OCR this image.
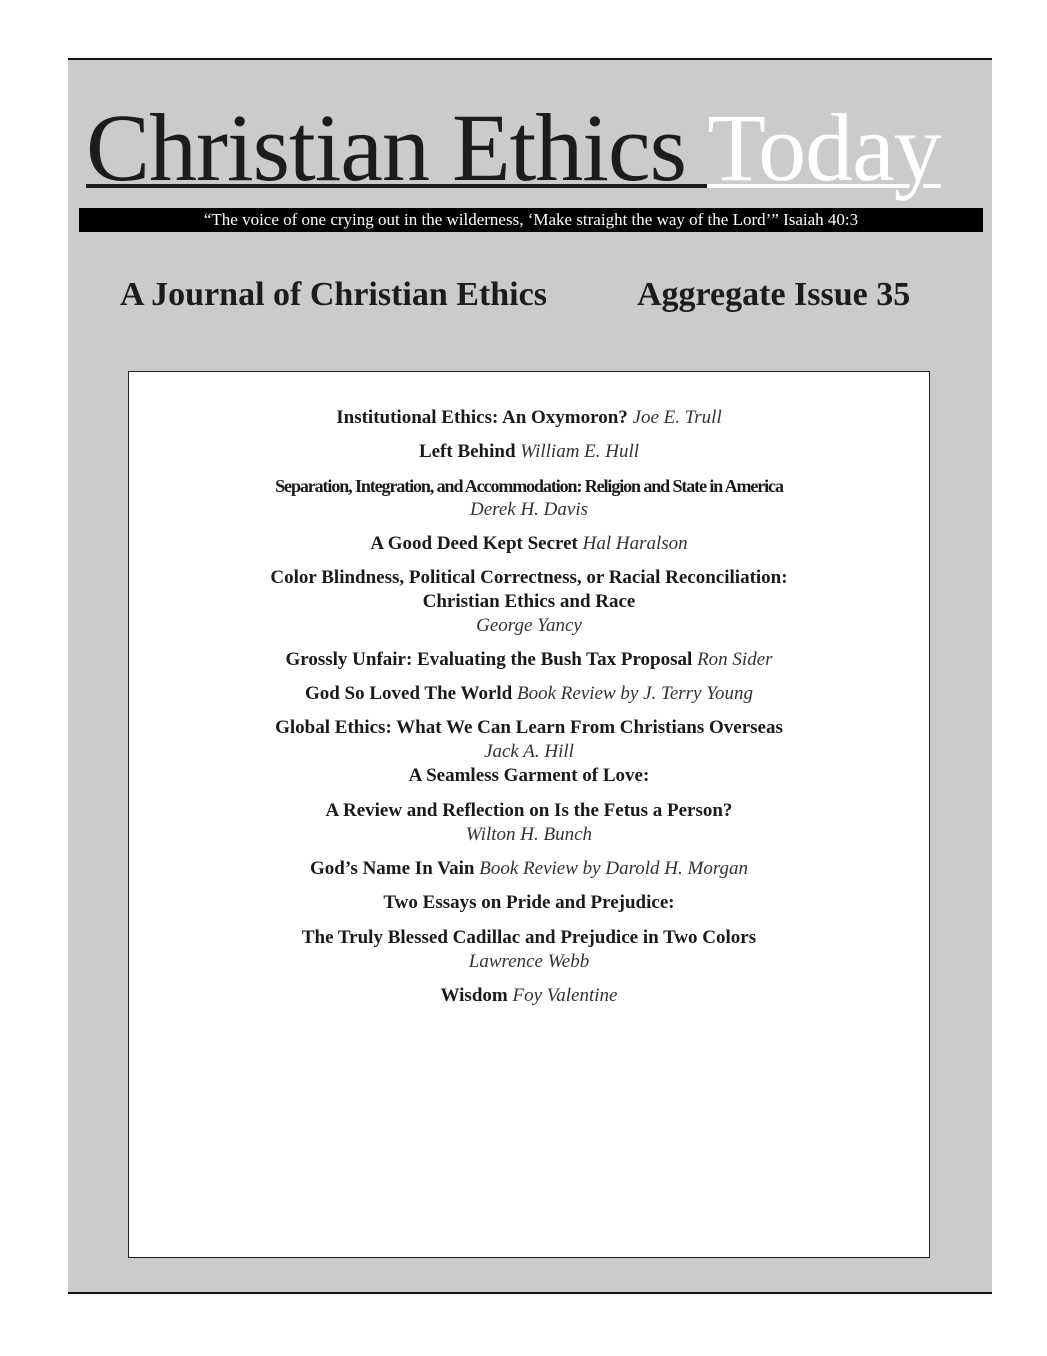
Christian Ethics Today
“The voice of one crying out in the wilderness, ‘Make straight the way of the Lord’” Isaiah 40:3
A Journal of Christian Ethics	Aggregate Issue 35
Institutional Ethics: An Oxymoron? Joe E. Trull
Left Behind William E. Hull
Separation, Integration, and Accommodation: Religion and State in America
Derek H. Davis
A Good Deed Kept Secret Hal Haralson
Color Blindness, Political Correctness, or Racial Reconciliation:
Christian Ethics and Race
George Yancy
Grossly Unfair: Evaluating the Bush Tax Proposal Ron Sider
God So Loved The World Book Review by J. Terry Young
Global Ethics: What We Can Learn From Christians Overseas
Jack A. Hill
A Seamless Garment of Love:
A Review and Reflection on Is the Fetus a Person?
Wilton H. Bunch
God’s Name In Vain Book Review by Darold H. Morgan
Two Essays on Pride and Prejudice:
The Truly Blessed Cadillac and Prejudice in Two Colors
Lawrence Webb
Wisdom Foy Valentine
